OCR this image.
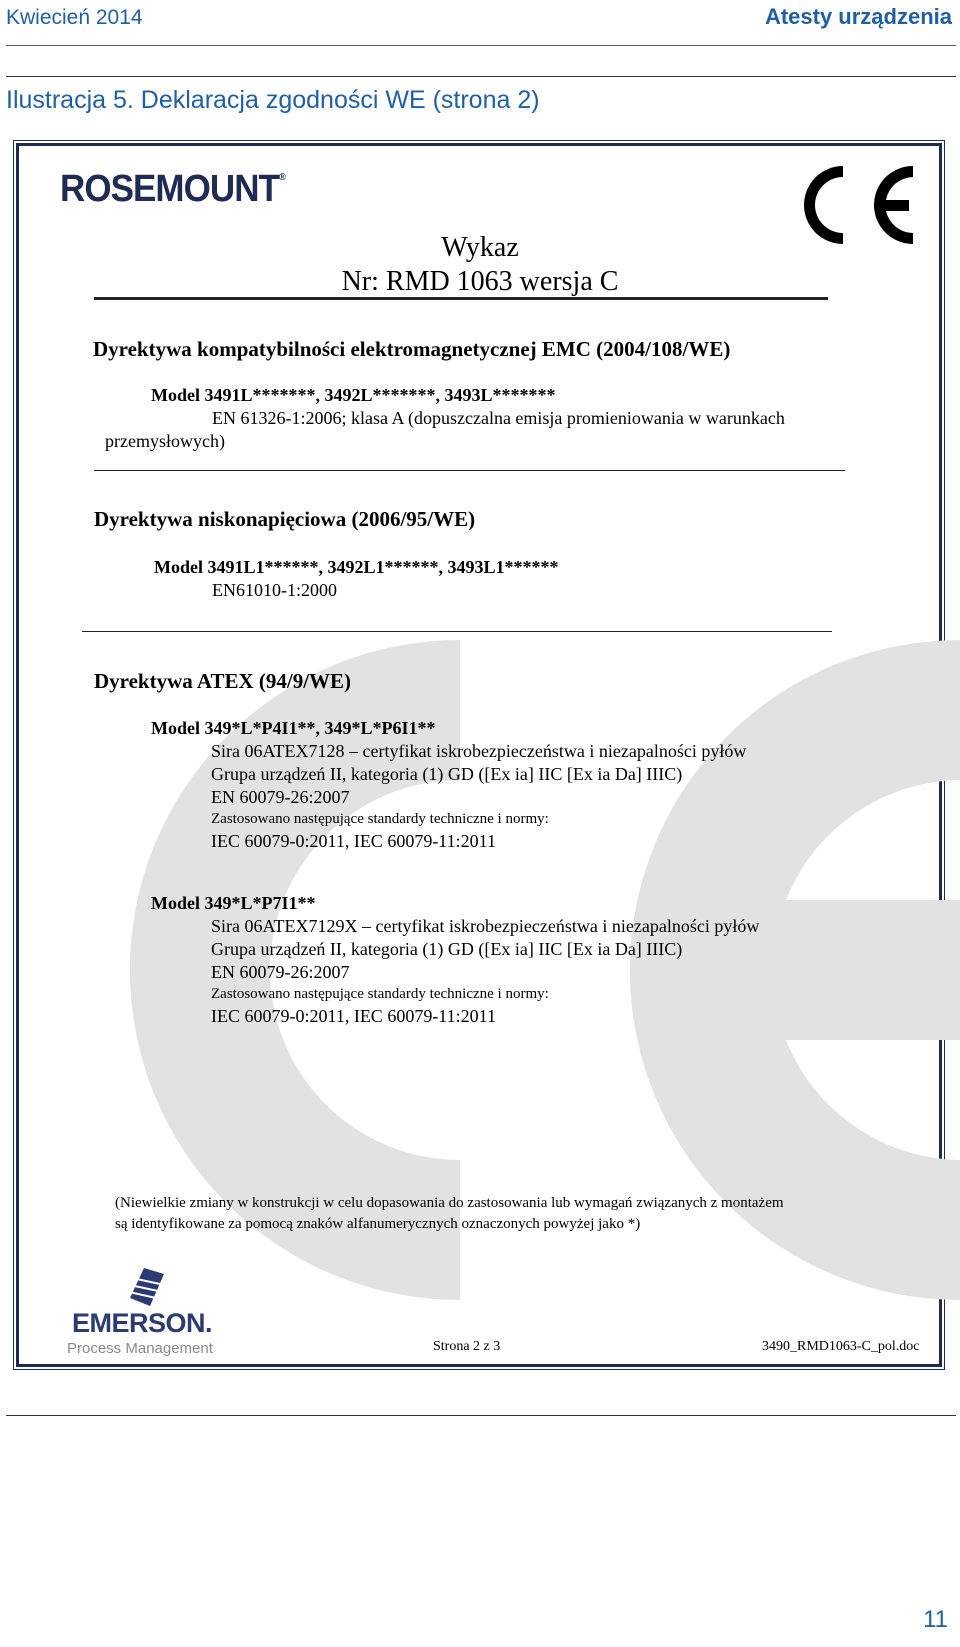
Kwiecień 2014	Atesty urządzenia
Ilustracja 5. Deklaracja zgodności WE (strona 2)
ROSEMOUNT®
Wykaz
Nr: RMD 1063 wersja C
Dyrektywa kompatybilności elektromagnetycznej EMC (2004/108/WE)
Model 3491L*******, 3492L*******, 3493L*******
EN 61326-1:2006; klasa A (dopuszczalna emisja promieniowania w warunkach
przemysłowych)
Dyrektywa niskonapięciowa (2006/95/WE)
Model 3491L1******, 3492L1******, 3493L1******
EN61010-1:2000
Dyrektywa ATEX (94/9/WE)
Model 349*L*P4I1**, 349*L*P6I1**
Sira 06ATEX7128 – certyfikat iskrobezpieczeństwa i niezapalności pyłów
Grupa urządzeń II, kategoria (1) GD ([Ex ia] IIC [Ex ia Da] IIIC)
EN 60079-26:2007
Zastosowano następujące standardy techniczne i normy:
IEC 60079-0:2011, IEC 60079-11:2011
Model 349*L*P7I1**
Sira 06ATEX7129X – certyfikat iskrobezpieczeństwa i niezapalności pyłów
Grupa urządzeń II, kategoria (1) GD ([Ex ia] IIC [Ex ia Da] IIIC)
EN 60079-26:2007
Zastosowano następujące standardy techniczne i normy:
IEC 60079-0:2011, IEC 60079-11:2011
(Niewielkie zmiany w konstrukcji w celu dopasowania do zastosowania lub wymagań związanych z montażem
są identyfikowane za pomocą znaków alfanumerycznych oznaczonych powyżej jako *)
EMERSON.
Process Management	Strona 2 z 3	3490_RMD1063-C_pol.doc
11
